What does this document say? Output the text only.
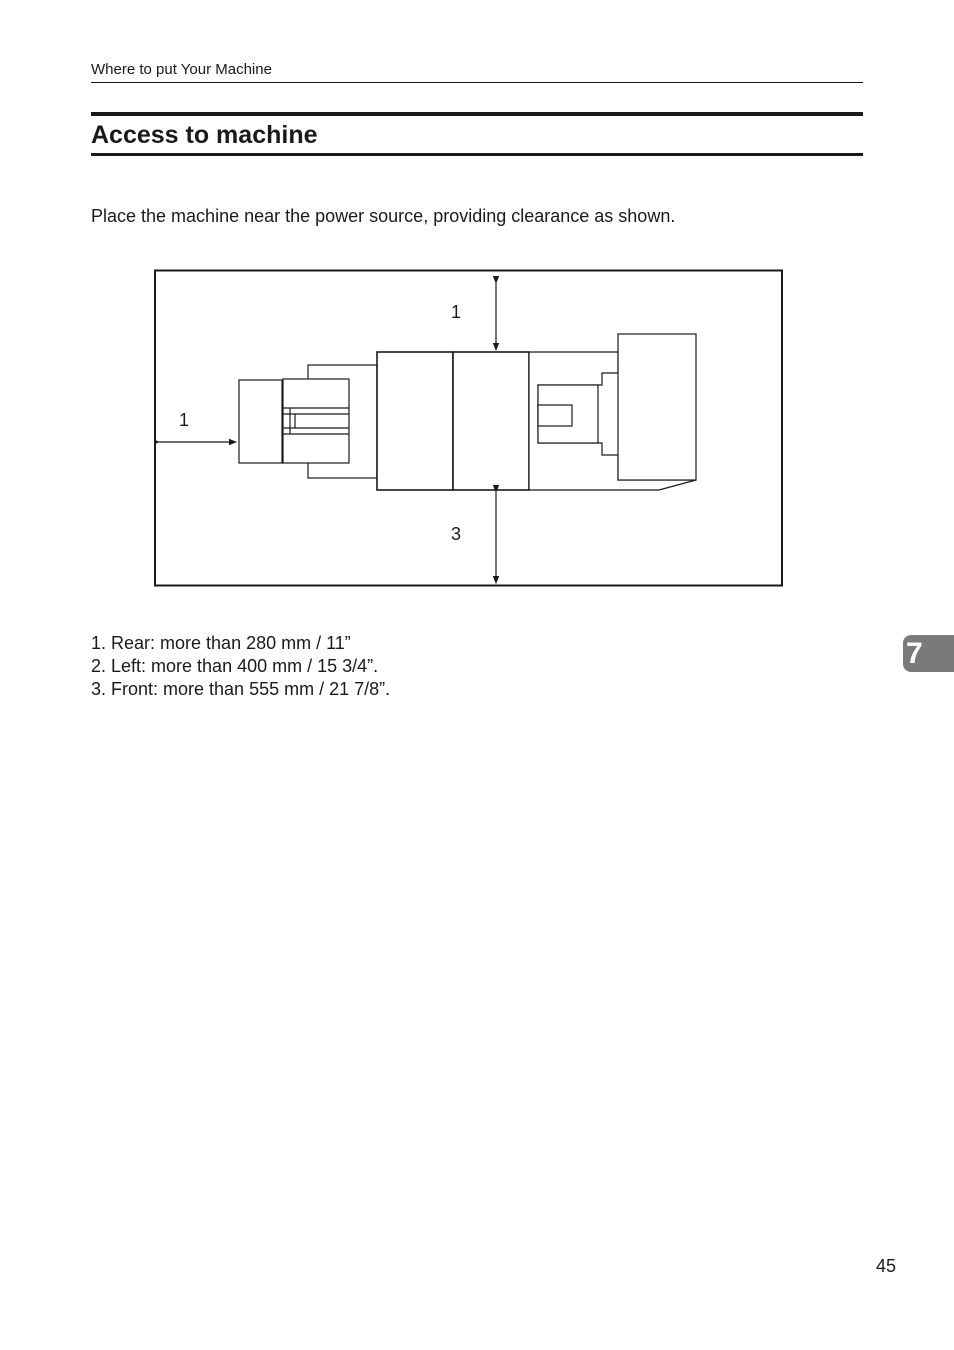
Where to put Your Machine
Access to machine

Place the machine near the power source, providing clearance as shown.

1
1
3
1. Rear: more than 280 mm / 11”
2. Left: more than 400 mm / 15 3/4”.
3. Front: more than 555 mm / 21 7/8”.
7
45
